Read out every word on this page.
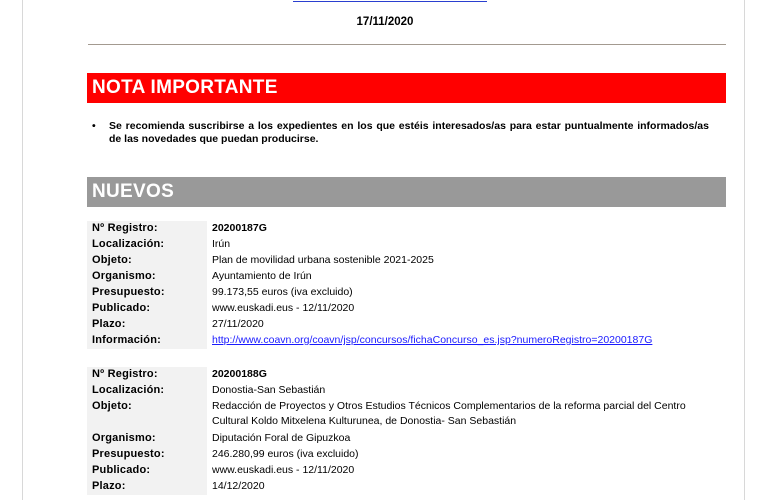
17/11/2020
NOTA IMPORTANTE
• Se recomienda suscribirse a los expedientes en los que estéis interesados/as para estar puntualmente informados/as de las novedades que puedan producirse.
NUEVOS
Nº Registro:	20200187G
Localización:	Irún
Objeto:	Plan de movilidad urbana sostenible 2021-2025
Organismo:	Ayuntamiento de Irún
Presupuesto:	99.173,55 euros (iva excluido)
Publicado:	www.euskadi.eus - 12/11/2020
Plazo:	27/11/2020
Información:	http://www.coavn.org/coavn/jsp/concursos/fichaConcurso_es.jsp?numeroRegistro=20200187G
Nº Registro:	20200188G
Localización:	Donostia-San Sebastián
Objeto:	Redacción de Proyectos y Otros Estudios Técnicos Complementarios de la reforma parcial del Centro Cultural Koldo Mitxelena Kulturunea, de Donostia- San Sebastián
Organismo:	Diputación Foral de Gipuzkoa
Presupuesto:	246.280,99 euros (iva excluido)
Publicado:	www.euskadi.eus - 12/11/2020
Plazo:	14/12/2020
